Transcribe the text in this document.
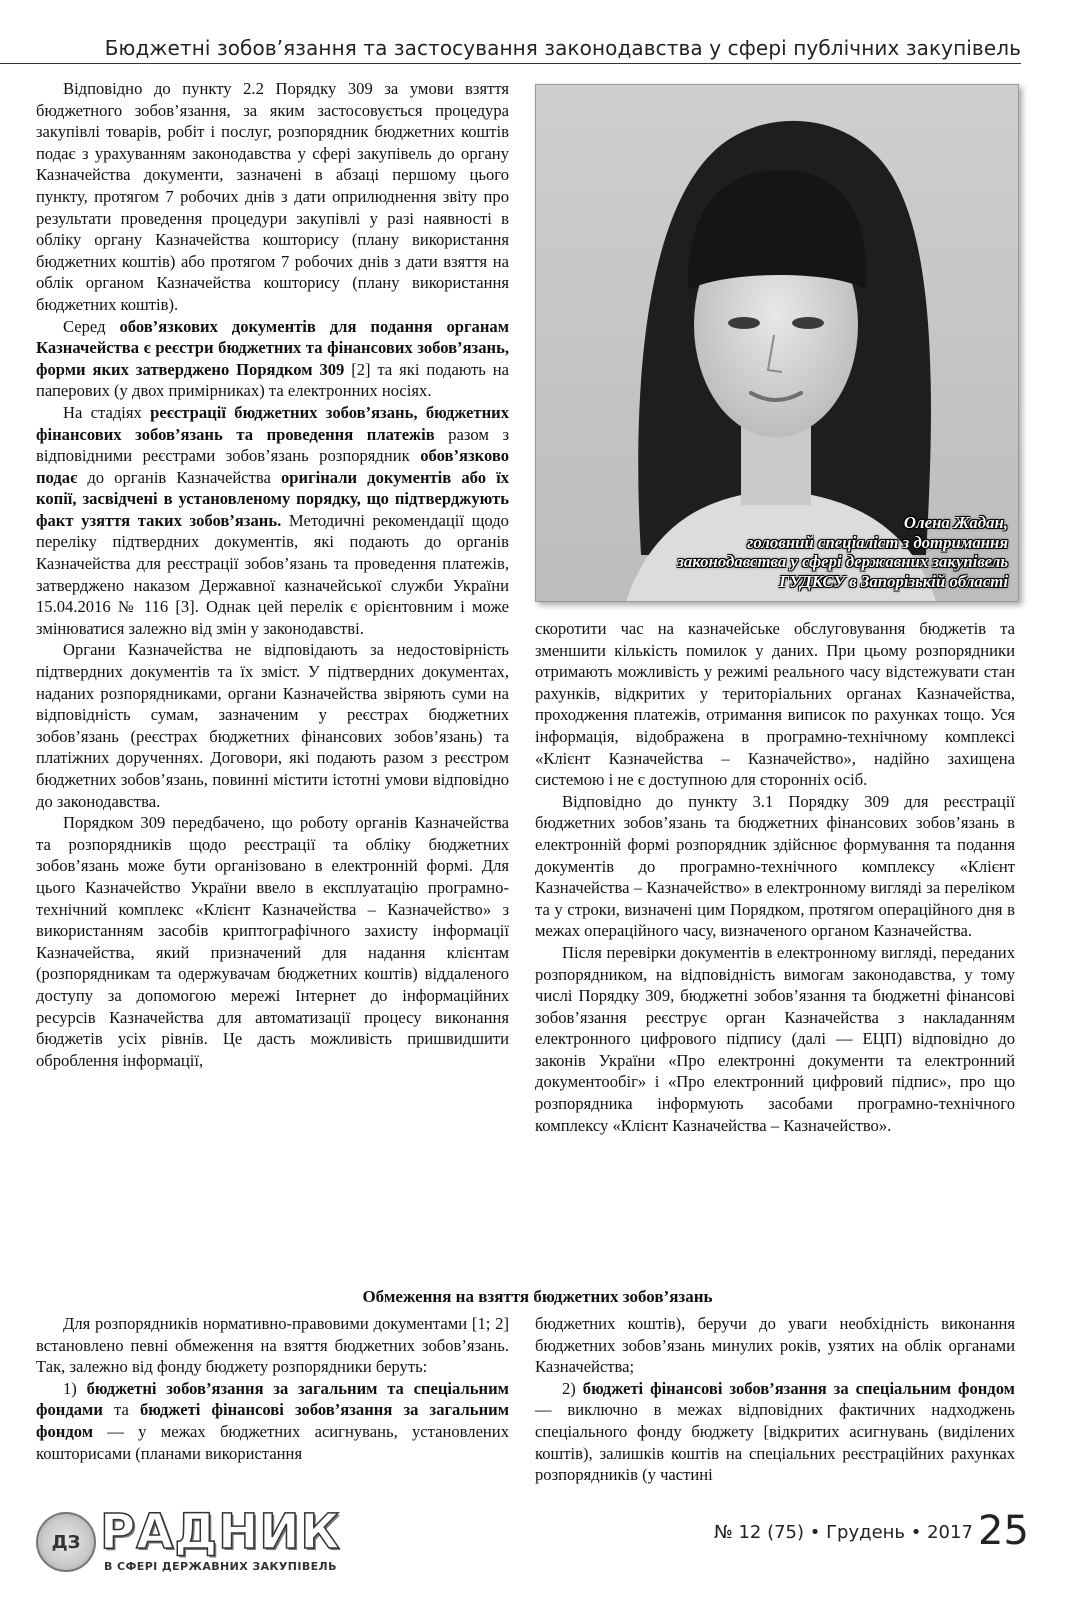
Бюджетні зобов’язання та застосування законодавства у сфері публічних закупівель

Відповідно до пункту 2.2 Порядку 309 за умови взяття бюджетного зобов’язання, за яким застосовується процедура закупівлі товарів, робіт і послуг, розпорядник бюджетних коштів подає з урахуванням законодавства у сфері закупівель до органу Казначейства документи, зазначені в абзаці першому цього пункту, протягом 7 робочих днів з дати оприлюднення звіту про результати проведення процедури закупівлі у разі наявності в обліку органу Казначейства кошторису (плану використання бюджетних коштів) або протягом 7 робочих днів з дати взяття на облік органом Казначейства кошторису (плану використання бюджетних коштів).

Серед обов’язкових документів для подання органам Казначейства є реєстри бюджетних та фінансових зобов’язань, форми яких затверджено Порядком 309 [2] та які подають на паперових (у двох примірниках) та електронних носіях.

На стадіях реєстрації бюджетних зобов’язань, бюджетних фінансових зобов’язань та проведення платежів разом з відповідними реєстрами зобов’язань розпорядник обов’язково подає до органів Казначейства оригінали документів або їх копії, засвідчені в установленому порядку, що підтверджують факт узяття таких зобов’язань. Методичні рекомендації щодо переліку підтвердних документів, які подають до органів Казначейства для реєстрації зобов’язань та проведення платежів, затверджено наказом Державної казначейської служби України 15.04.2016 № 116 [3]. Однак цей перелік є орієнтовним і може змінюватися залежно від змін у законодавстві.

Органи Казначейства не відповідають за недостовірність підтвердних документів та їх зміст. У підтвердних документах, наданих розпорядниками, органи Казначейства звіряють суми на відповідність сумам, зазначеним у реєстрах бюджетних зобов’язань (реєстрах бюджетних фінансових зобов’язань) та платіжних дорученнях. Договори, які подають разом з реєстром бюджетних зобов’язань, повинні містити істотні умови відповідно до законодавства.

Порядком 309 передбачено, що роботу органів Казначейства та розпорядників щодо реєстрації та обліку бюджетних зобов’язань може бути організовано в електронній формі. Для цього Казначейство України ввело в експлуатацію програмно-технічний комплекс «Клієнт Казначейства – Казначейство» з використанням засобів криптографічного захисту інформації Казначейства, який призначений для надання клієнтам (розпорядникам та одержувачам бюджетних коштів) віддаленого доступу за допомогою мережі Інтернет до інформаційних ресурсів Казначейства для автоматизації процесу виконання бюджетів усіх рівнів. Це дасть можливість пришвидшити оброблення інформації,

Олена Жадан,
головний спеціаліст з дотримання
законодавства у сфері державних закупівель
ГУДКСУ в Запорізькій області

скоротити час на казначейське обслуговування бюджетів та зменшити кількість помилок у даних. При цьому розпорядники отримають можливість у режимі реального часу відстежувати стан рахунків, відкритих у територіальних органах Казначейства, проходження платежів, отримання виписок по рахунках тощо. Уся інформація, відображена в програмно-технічному комплексі «Клієнт Казначейства – Казначейство», надійно захищена системою і не є доступною для сторонніх осіб.

Відповідно до пункту 3.1 Порядку 309 для реєстрації бюджетних зобов’язань та бюджетних фінансових зобов’язань в електронній формі розпорядник здійснює формування та подання документів до програмно-технічного комплексу «Клієнт Казначейства – Казначейство» в електронному вигляді за переліком та у строки, визначені цим Порядком, протягом операційного дня в межах операційного часу, визначеного органом Казначейства.

Після перевірки документів в електронному вигляді, переданих розпорядником, на відповідність вимогам законодавства, у тому числі Порядку 309, бюджетні зобов’язання та бюджетні фінансові зобов’язання реєструє орган Казначейства з накладанням електронного цифрового підпису (далі — ЕЦП) відповідно до законів України «Про електронні документи та електронний документообіг» і «Про електронний цифровий підпис», про що розпорядника інформують засобами програмно-технічного комплексу «Клієнт Казначейства – Казначейство».

Обмеження на взяття бюджетних зобов’язань

Для розпорядників нормативно-правовими документами [1; 2] встановлено певні обмеження на взяття бюджетних зобов’язань. Так, залежно від фонду бюджету розпорядники беруть:

1) бюджетні зобов’язання за загальним та спеціальним фондами та бюджеті фінансові зобов’язання за загальним фондом — у межах бюджетних асигнувань, установлених кошторисами (планами використання

бюджетних коштів), беручи до уваги необхідність виконання бюджетних зобов’язань минулих років, узятих на облік органами Казначейства;

2) бюджеті фінансові зобов’язання за спеціальним фондом — виключно в межах відповідних фактичних надходжень спеціального фонду бюджету [відкритих асигнувань (виділених коштів), залишків коштів на спеціальних реєстраційних рахунках розпорядників (у частині

ДЗ РАДНИК
В СФЕРІ ДЕРЖАВНИХ ЗАКУПІВЕЛЬ
№ 12 (75) • Грудень • 2017 25
